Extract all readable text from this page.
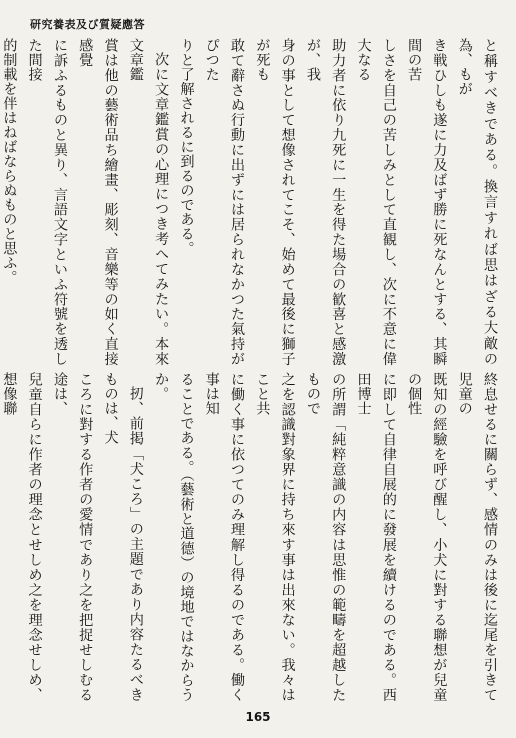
研究養表及び質疑應答
と稱すべきである。換言すれば思はざる大敵の為、もが
き戦ひしも遂に力及ばず勝に死なんとする、其瞬間の苦
しさを自己の苦しみとして直観し、次に不意に偉大なる
助力者に依り九死に一生を得た場合の歓喜と感激が、我
身の事として想像されてこそ、始めて最後に獅子が死も
敢て辭さぬ行動に出ずには居られなかつた氣持がぴつた
りと了解されるに到るのである。
次に文章鑑賞の心理につき考へてみたい。本來文章鑑
賞は他の藝術品ち繪畫、彫刻、音樂等の如く直接感覺
に訴ふるものと異り、言語文字といふ符號を透した間接
的制載を伴はねばならぬものと思ふ。
終息せるに關らず、感情のみは後に迄尾を引きて児童の
既知の經驗を呼び醒し、小犬に對する聯想が兒童の個性
に即して自律自展的に發展を續けるのである。西田博士
の所謂「純粹意識の内容は思惟の範疇を超越したもので
之を認識對象界に持ち來す事は出來ない。我々はこと共
に働く事に依つてのみ理解し得るのである。働く事は知
ることである。（藝術と道德）の境地ではなからうか。
扨、前掲「犬ころ」の主題であり内容たるべきものは、犬
ころに對する作者の愛情であり之を把捉せしむる途は、
兒童自らに作者の理念とせしめ之を理念せしめ、想像聯
165
